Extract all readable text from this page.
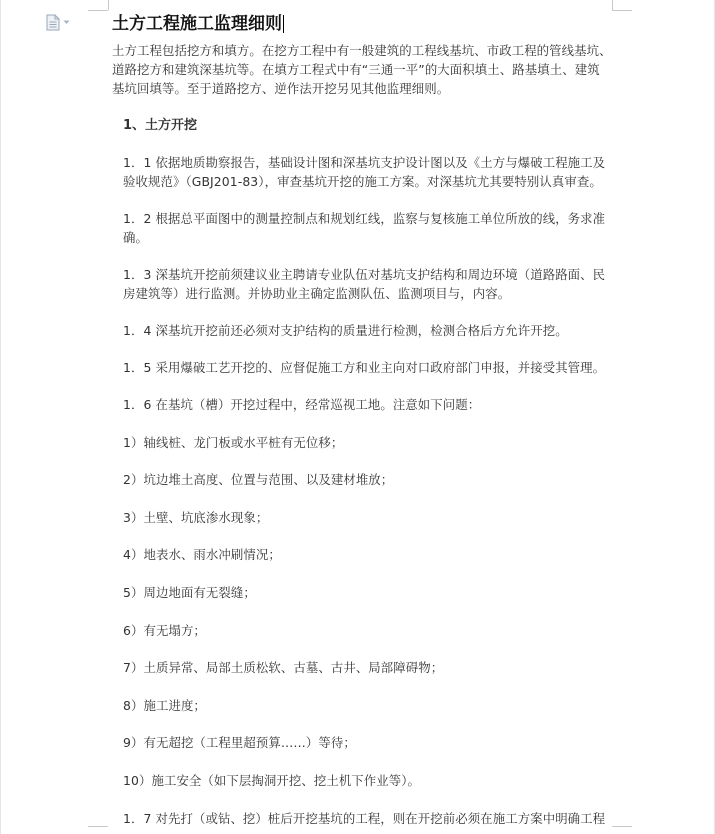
土方工程施工监理细则

土方工程包括挖方和填方。在挖方工程中有一般建筑的工程线基坑、市政工程的管线基坑、道路挖方和建筑深基坑等。在填方工程式中有“三通一平”的大面积填土、路基填土、建筑基坑回填等。至于道路挖方、逆作法开挖另见其他监理细则。

1、土方开挖

1．1 依据地质勘察报告，基础设计图和深基坑支护设计图以及《土方与爆破工程施工及验收规范》（GBJ201-83），审查基坑开挖的施工方案。对深基坑尤其要特别认真审查。

1．2 根据总平面图中的测量控制点和规划红线，监察与复核施工单位所放的线，务求准确。

1．3 深基坑开挖前须建议业主聘请专业队伍对基坑支护结构和周边环境（道路路面、民房建筑等）进行监测。并协助业主确定监测队伍、监测项目与，内容。

1．4 深基坑开挖前还必须对支护结构的质量进行检测，检测合格后方允许开挖。

1．5 采用爆破工艺开挖的、应督促施工方和业主向对口政府部门申报，并接受其管理。

1．6 在基坑（槽）开挖过程中，经常巡视工地。注意如下问题：

1）轴线桩、龙门板或水平桩有无位移；

2）坑边堆土高度、位置与范围、以及建材堆放；

3）土壁、坑底渗水现象；

4）地表水、雨水冲刷情况；

5）周边地面有无裂缝；

6）有无塌方；

7）土质异常、局部土质松软、古墓、古井、局部障碍物；

8）施工进度；

9）有无超挖（工程里超预算……）等待；

10）施工安全（如下层掏洞开挖、挖土机下作业等）。

1．7 对先打（或钻、挖）桩后开挖基坑的工程，则在开挖前必须在施工方案中明确工程
